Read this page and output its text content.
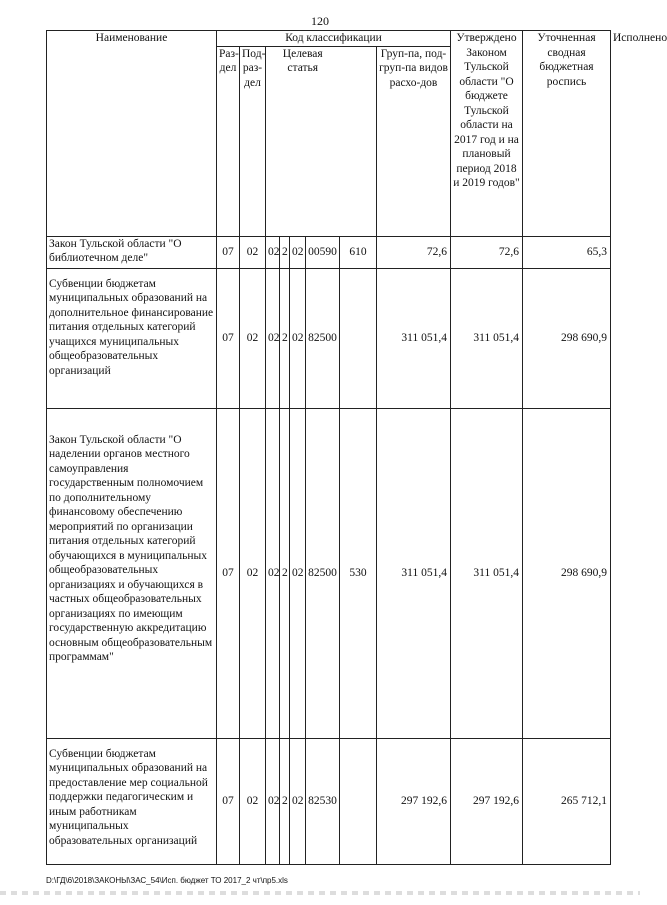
120
Наименование	Код классификации								Утверждено Законом Тульской области "О бюджете Тульской области на 2017 год и на плановый период 2018 и 2019 годов"	Уточненная сводная бюджетная роспись	Исполнено
	Раз-дел	Под-раз-дел	Целевая статья					Груп-па, под-груп-па видов расхо-дов			
Закон Тульской области "О библиотечном деле"	07	02	02	2	02	00590	610	72,6	72,6	65,3	
Субвенции бюджетам муниципальных образований на дополнительное финансирование питания отдельных категорий учащихся муниципальных общеобразовательных организаций	07	02	02	2	02	82500		311 051,4	311 051,4	298 690,9	
Закон Тульской области "О наделении органов местного самоуправления государственным полномочием по дополнительному финансовому обеспечению мероприятий по организации питания отдельных категорий обучающихся в муниципальных общеобразовательных организациях и обучающихся в частных общеобразовательных организациях по имеющим государственную аккредитацию основным общеобразовательным программам"	07	02	02	2	02	82500	530	311 051,4	311 051,4	298 690,9	
Субвенции бюджетам муниципальных образований на предоставление мер социальной поддержки педагогическим и иным работникам муниципальных образовательных организаций	07	02	02	2	02	82530		297 192,6	297 192,6	265 712,1	
D:\ГД\6\2018\ЗАКОНЫ\ЗАС_54\Исп. бюджет ТО 2017_2 чт\пр5.xls
